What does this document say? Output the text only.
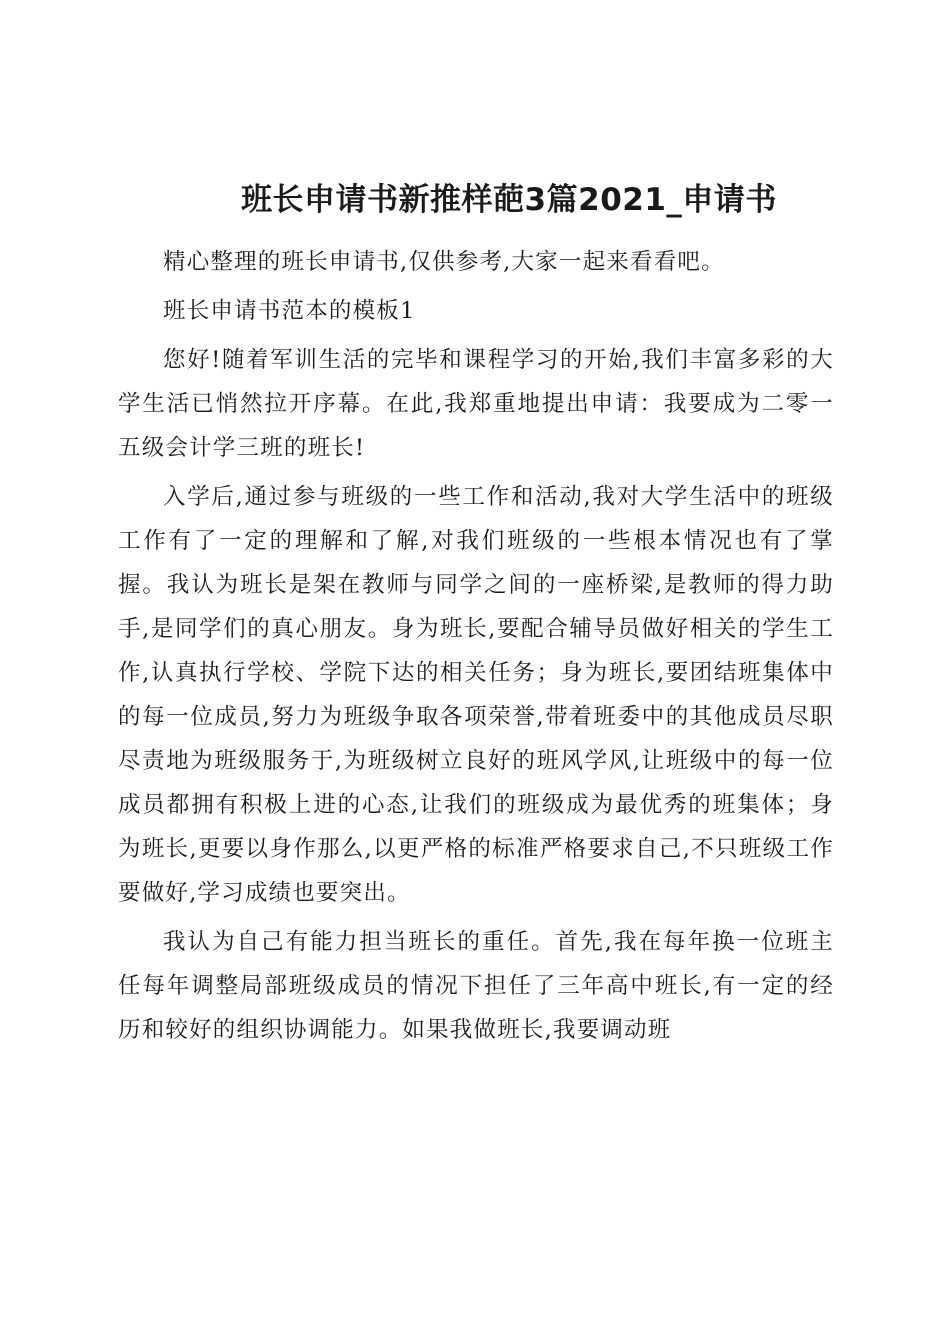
班长申请书新推样葩3篇2021_申请书

精心整理的班长申请书,仅供参考,大家一起来看看吧。

班长申请书范本的模板1

您好!随着军训生活的完毕和课程学习的开始,我们丰富多彩的大学生活已悄然拉开序幕。在此,我郑重地提出申请：我要成为二零一五级会计学三班的班长!

入学后,通过参与班级的一些工作和活动,我对大学生活中的班级工作有了一定的理解和了解,对我们班级的一些根本情况也有了掌握。我认为班长是架在教师与同学之间的一座桥梁,是教师的得力助手,是同学们的真心朋友。身为班长,要配合辅导员做好相关的学生工作,认真执行学校、学院下达的相关任务；身为班长,要团结班集体中的每一位成员,努力为班级争取各项荣誉,带着班委中的其他成员尽职尽责地为班级服务于,为班级树立良好的班风学风,让班级中的每一位成员都拥有积极上进的心态,让我们的班级成为最优秀的班集体；身为班长,更要以身作那么,以更严格的标准严格要求自己,不只班级工作要做好,学习成绩也要突出。

我认为自己有能力担当班长的重任。首先,我在每年换一位班主任每年调整局部班级成员的情况下担任了三年高中班长,有一定的经历和较好的组织协调能力。如果我做班长,我要调动班
